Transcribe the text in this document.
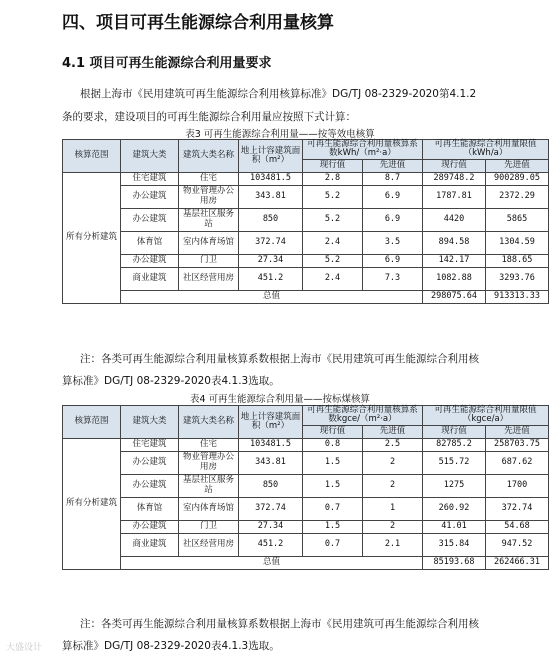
四、项目可再生能源综合利用量核算
4.1 项目可再生能源综合利用量要求
根据上海市《民用建筑可再生能源综合利用核算标准》DG/TJ 08-2329-2020第4.1.2
条的要求，建设项目的可再生能源综合利用量应按照下式计算：
表3 可再生能源综合利用量——按等效电核算
核算范围	建筑大类	建筑大类名称	地上计容建筑面积（m²）	可再生能源综合利用量核算系数kWh/（m²·a）		可再生能源综合利用量限值（kWh/a）	
				现行值	先进值	现行值	先进值
所有分析建筑	住宅建筑	住宅	103481.5	2.8	8.7	289748.2	900289.05
	办公建筑	物业管理办公用房	343.81	5.2	6.9	1787.81	2372.29
	办公建筑	基层社区服务站	850	5.2	6.9	4420	5865
	体育馆	室内体育场馆	372.74	2.4	3.5	894.58	1304.59
	办公建筑	门卫	27.34	5.2	6.9	142.17	188.65
	商业建筑	社区经营用房	451.2	2.4	7.3	1082.88	3293.76
	总值					298075.64	913313.33
注：各类可再生能源综合利用量核算系数根据上海市《民用建筑可再生能源综合利用核
算标准》DG/TJ 08-2329-2020表4.1.3选取。
表4 可再生能源综合利用量——按标煤核算
核算范围	建筑大类	建筑大类名称	地上计容建筑面积（m²）	可再生能源综合利用量核算系数kgce/（m²·a）		可再生能源综合利用量限值（kgce/a）	
				现行值	先进值	现行值	先进值
所有分析建筑	住宅建筑	住宅	103481.5	0.8	2.5	82785.2	258703.75
	办公建筑	物业管理办公用房	343.81	1.5	2	515.72	687.62
	办公建筑	基层社区服务站	850	1.5	2	1275	1700
	体育馆	室内体育场馆	372.74	0.7	1	260.92	372.74
	办公建筑	门卫	27.34	1.5	2	41.01	54.68
	商业建筑	社区经营用房	451.2	0.7	2.1	315.84	947.52
	总值					85193.68	262466.31
注：各类可再生能源综合利用量核算系数根据上海市《民用建筑可再生能源综合利用核
算标准》DG/TJ 08-2329-2020表4.1.3选取。
大盛设计
